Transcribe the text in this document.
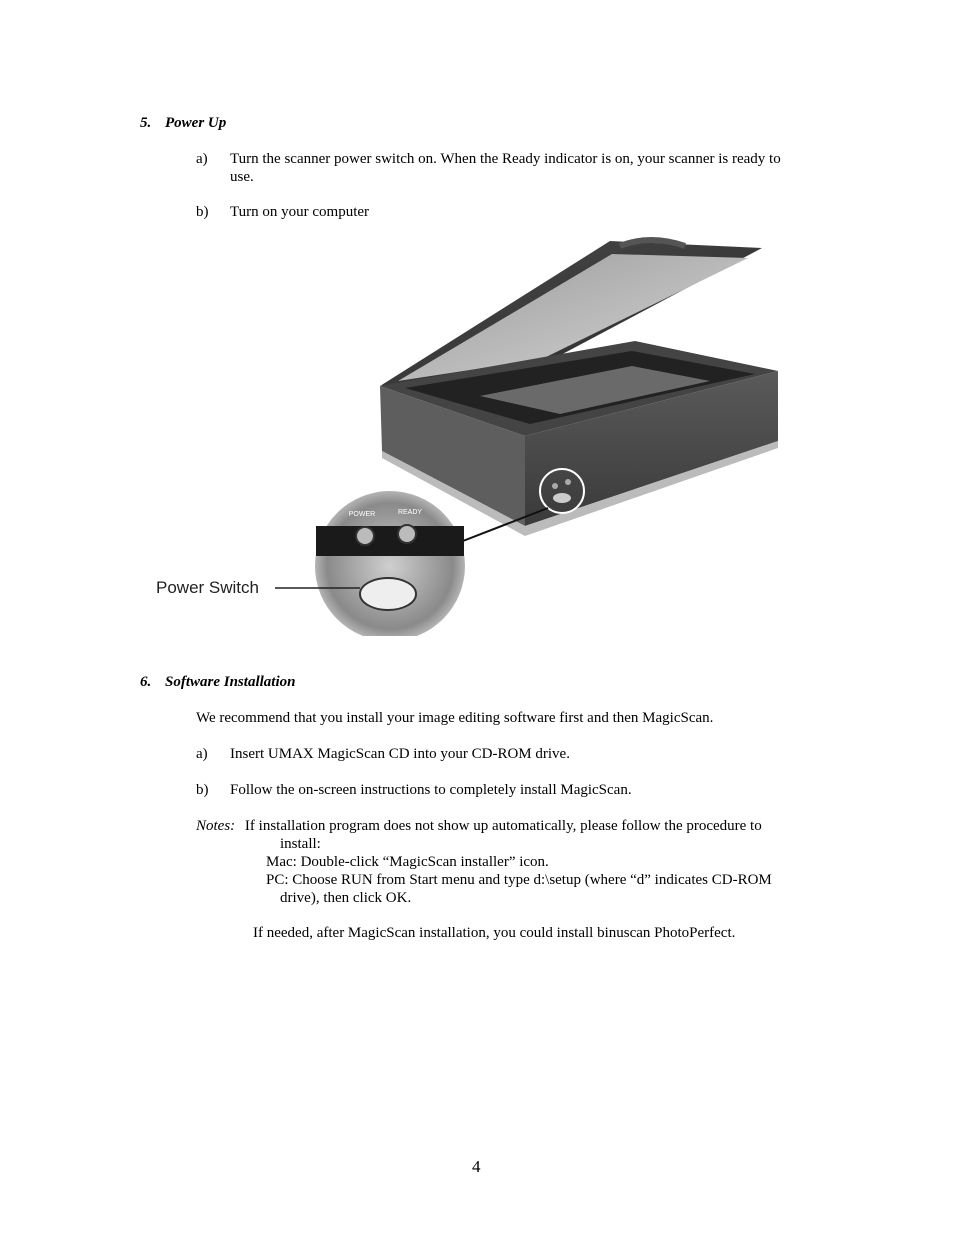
5. Power Up
a) Turn the scanner power switch on. When the Ready indicator is on, your scanner is ready to
use.
b) Turn on your computer
POWER	READY
Power Switch
6. Software Installation
We recommend that you install your image editing software first and then MagicScan.
a) Insert UMAX MagicScan CD into your CD-ROM drive.
b) Follow the on-screen instructions to completely install MagicScan.
Notes: If installation program does not show up automatically, please follow the procedure to
install:
Mac: Double-click “MagicScan installer” icon.
PC: Choose RUN from Start menu and type d:\setup (where “d” indicates CD-ROM
drive), then click OK.
If needed, after MagicScan installation, you could install binuscan PhotoPerfect.
4
